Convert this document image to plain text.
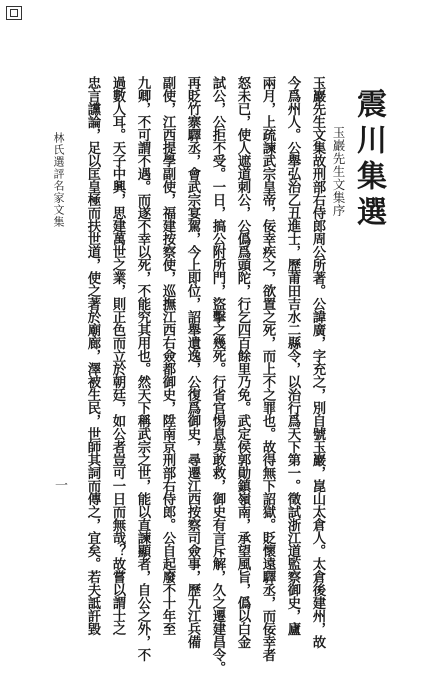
震川集選
玉巖先生文集序
玉巖先生文集故刑部右侍郎周公所著。公諱廣，字充之，別自號玉巖，崑山太倉人。太倉後建州，故
今爲州人。公舉弘治乙丑進士，歷莆田吉水二縣令，以治行爲天下第一。徵試浙江道監察御史，廬
兩月，上疏諫武宗皇帝，佞幸疾之，欲置之死，而上不之罪也。故得無下詔獄。貶懷遠驛丞，而佞幸者
怒未已，使人遮道刺公，公僞爲頭陀，行乞四百餘里乃免。武定侯郭勛鎮嶺南，承望風旨，僞以白金
試公，公拒不受。一日，搞公附所門，盜擊之幾死。行省官惕息莫敢救，御史有言斥解，久之遷建昌令。
再貶竹寨驛丞，會武宗宴駕，今上即位，詔舉遺逸，公復爲御史，尋遷江西按察司僉事，歷九江兵備
副使，江西提學副使，福建按察使，巡撫江西右僉都御史，陞南京刑部右侍郎。公自起廢不十年至
九卿，不可謂不遇。而遂不幸以死，不能究其用也。然天下稱武宗之世，能以直諫顯者，自公之外，不
過數人耳。天子中興，思建萬世之業，則正色而立於朝廷，如公者豈可一日而無哉？故嘗以謂士之
忠言讜論，足以匡皇極而扶世道，使之著於廟廊，澤被生民，世師其詞而傳之，宜矣。若夫詆訐毀
林氏選評名家文集
一
